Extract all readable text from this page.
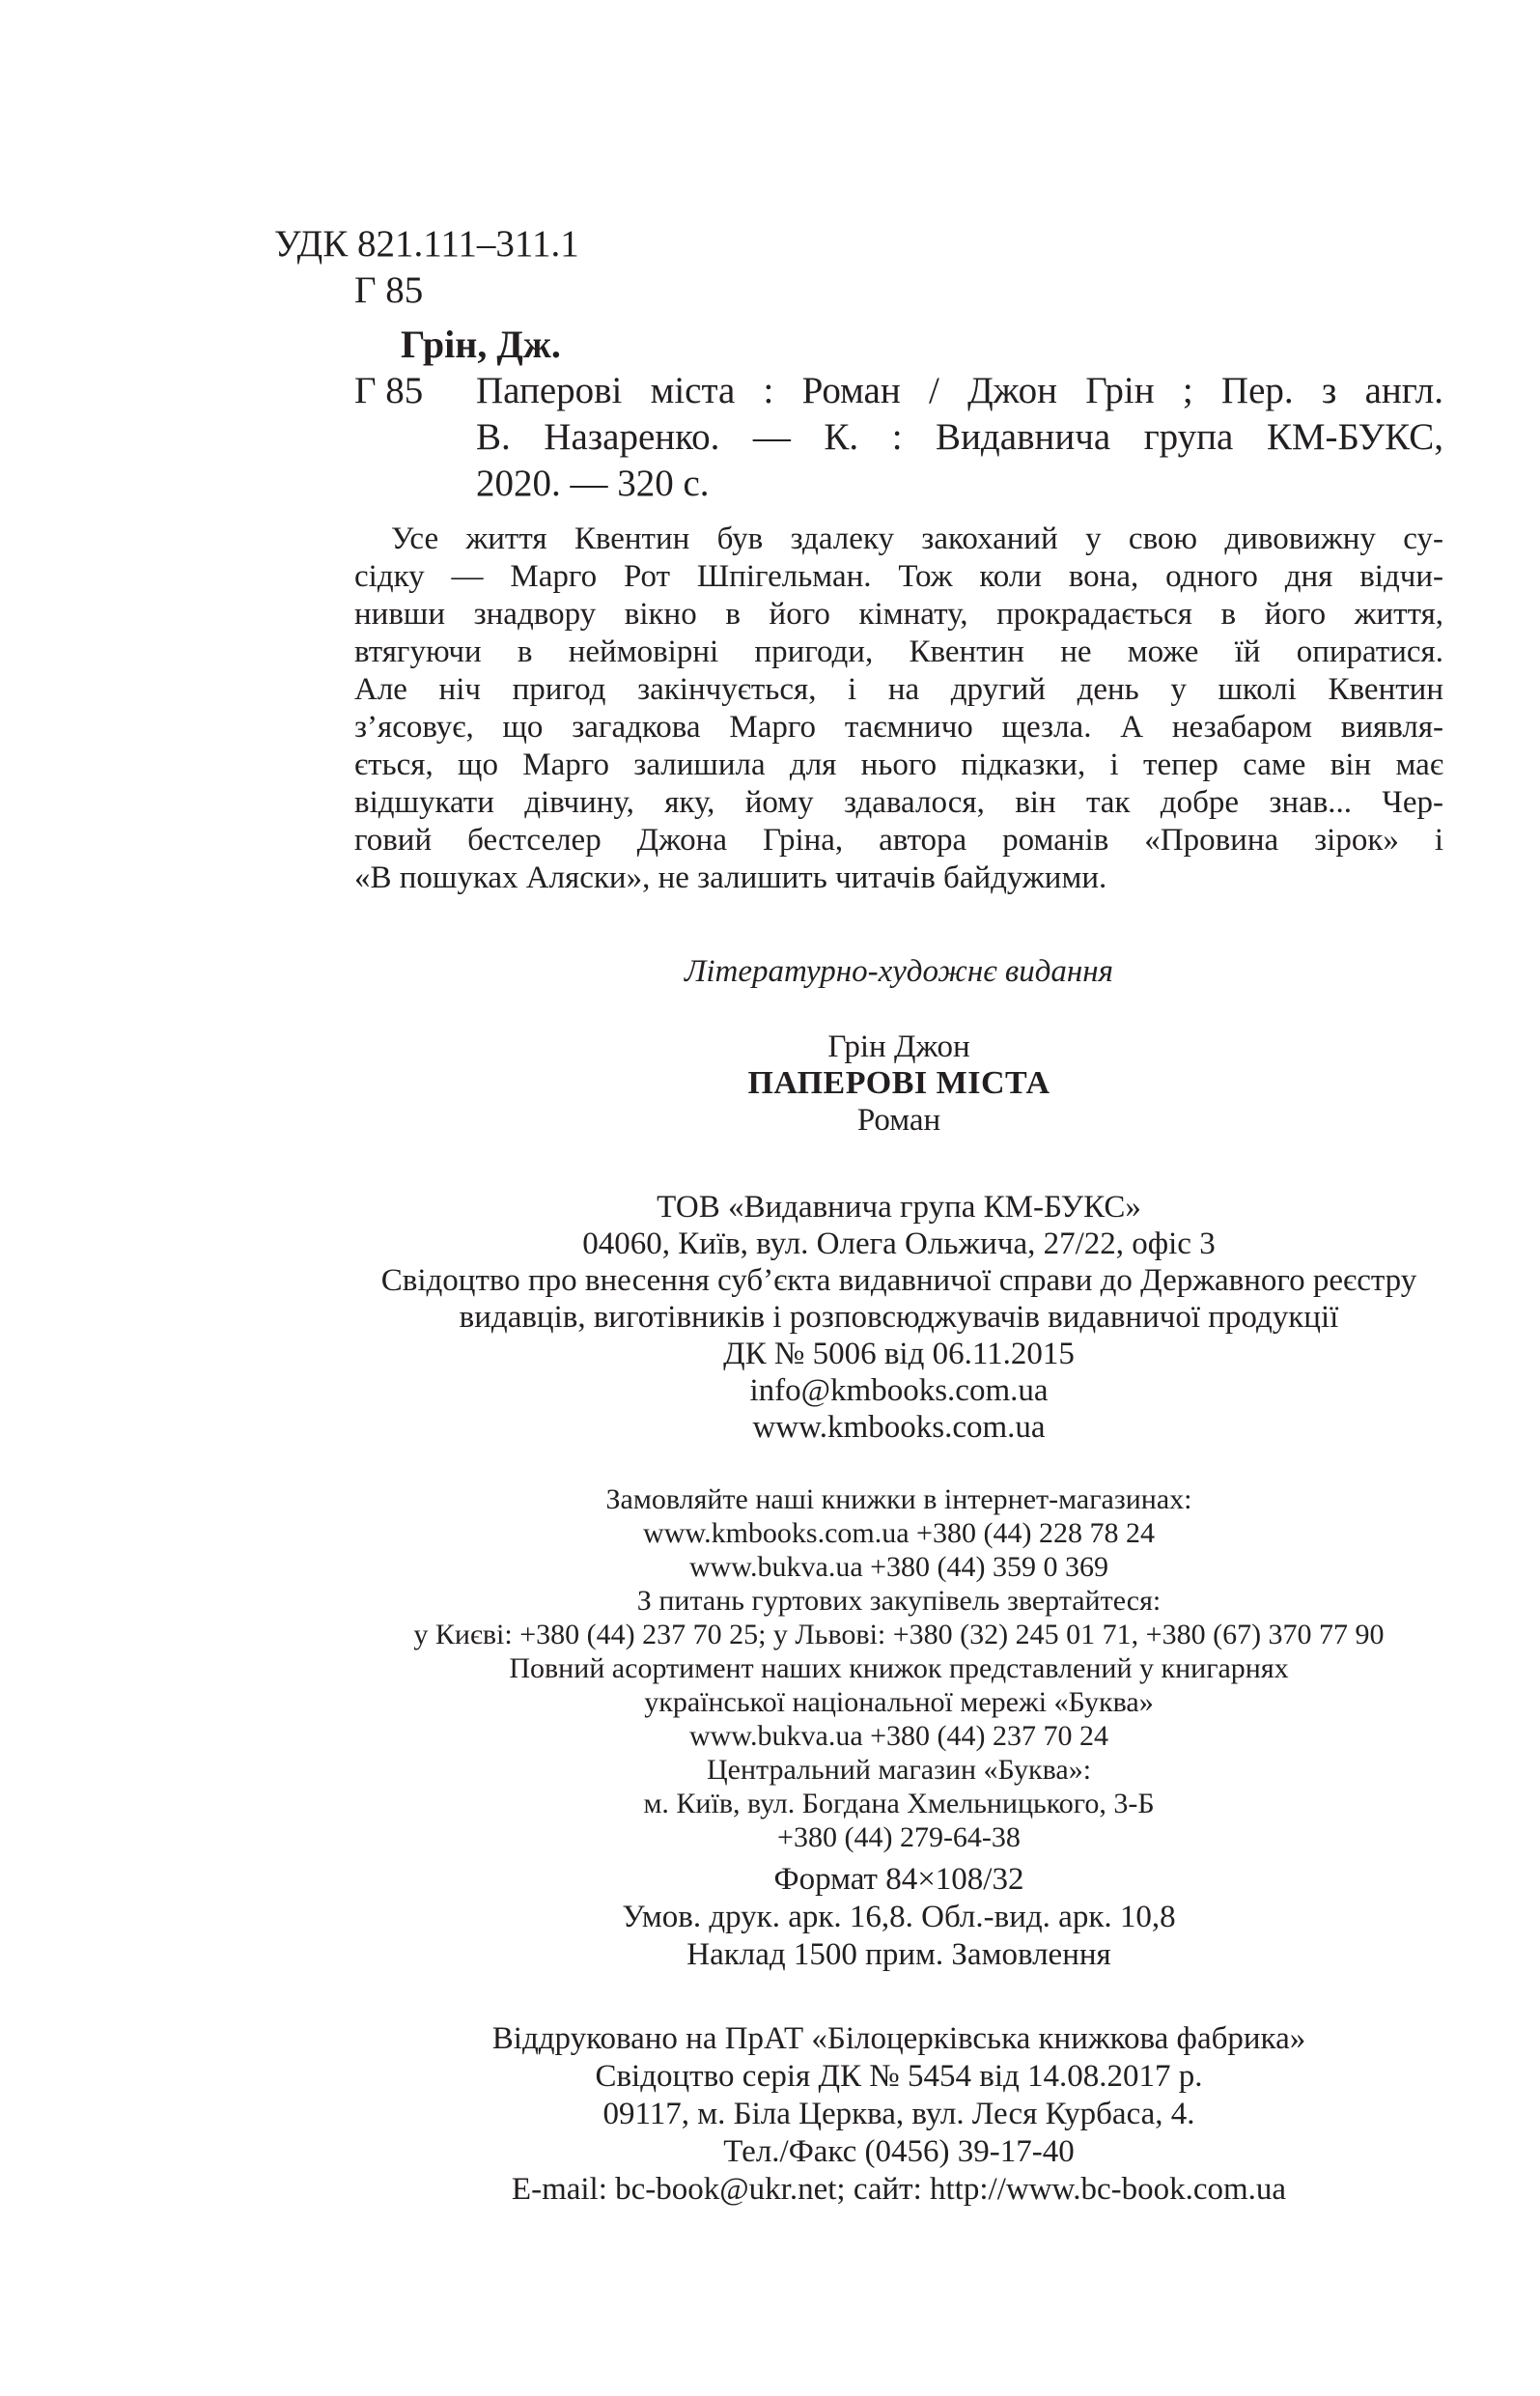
УДК 821.111–311.1
Г 85
Грін, Дж.
Г 85	Паперові міста : Роман / Джон Грін ; Пер. з англ.
В. Назаренко. — К. : Видавнича група КМ-БУКС,
2020. — 320 с.
Усе життя Квентин був здалеку закоханий у свою дивовижну су-
сідку — Марго Рот Шпігельман. Тож коли вона, одного дня відчи-
нивши знадвору вікно в його кімнату, прокрадається в його життя,
втягуючи в неймовірні пригоди, Квентин не може їй опиратися.
Але ніч пригод закінчується, і на другий день у школі Квентин
з’ясовує, що загадкова Марго таємничо щезла. А незабаром виявля-
ється, що Марго залишила для нього підказки, і тепер саме він має
відшукати дівчину, яку, йому здавалося, він так добре знав... Чер-
говий бестселер Джона Гріна, автора романів «Провина зірок» і
«В пошуках Аляски», не залишить читачів байдужими.
Літературно-художнє видання
Грін Джон
ПАПЕРОВІ МІСТА
Роман
ТОВ «Видавнича група КМ-БУКС»
04060, Київ, вул. Олега Ольжича, 27/22, офіс 3
Свідоцтво про внесення суб’єкта видавничої справи до Державного реєстру
видавців, виготівників і розповсюджувачів видавничої продукції
ДК № 5006 від 06.11.2015
info@kmbooks.com.ua
www.kmbooks.com.ua
Замовляйте наші книжки в інтернет-магазинах:
www.kmbooks.com.ua +380 (44) 228 78 24
www.bukva.ua +380 (44) 359 0 369
З питань гуртових закупівель звертайтеся:
у Києві: +380 (44) 237 70 25; у Львові: +380 (32) 245 01 71, +380 (67) 370 77 90
Повний асортимент наших книжок представлений у книгарнях
української національної мережі «Буква»
www.bukva.ua +380 (44) 237 70 24
Центральний магазин «Буква»:
м. Київ, вул. Богдана Хмельницького, 3-Б
+380 (44) 279-64-38
Формат 84×108/32
Умов. друк. арк. 16,8. Обл.-вид. арк. 10,8
Наклад 1500 прим. Замовлення
Віддруковано на ПрАТ «Білоцерківська книжкова фабрика»
Свідоцтво серія ДК № 5454 від 14.08.2017 р.
09117, м. Біла Церква, вул. Леся Курбаса, 4.
Тел./Факс (0456) 39-17-40
E-mail: bc-book@ukr.net; сайт: http://www.bc-book.com.ua
